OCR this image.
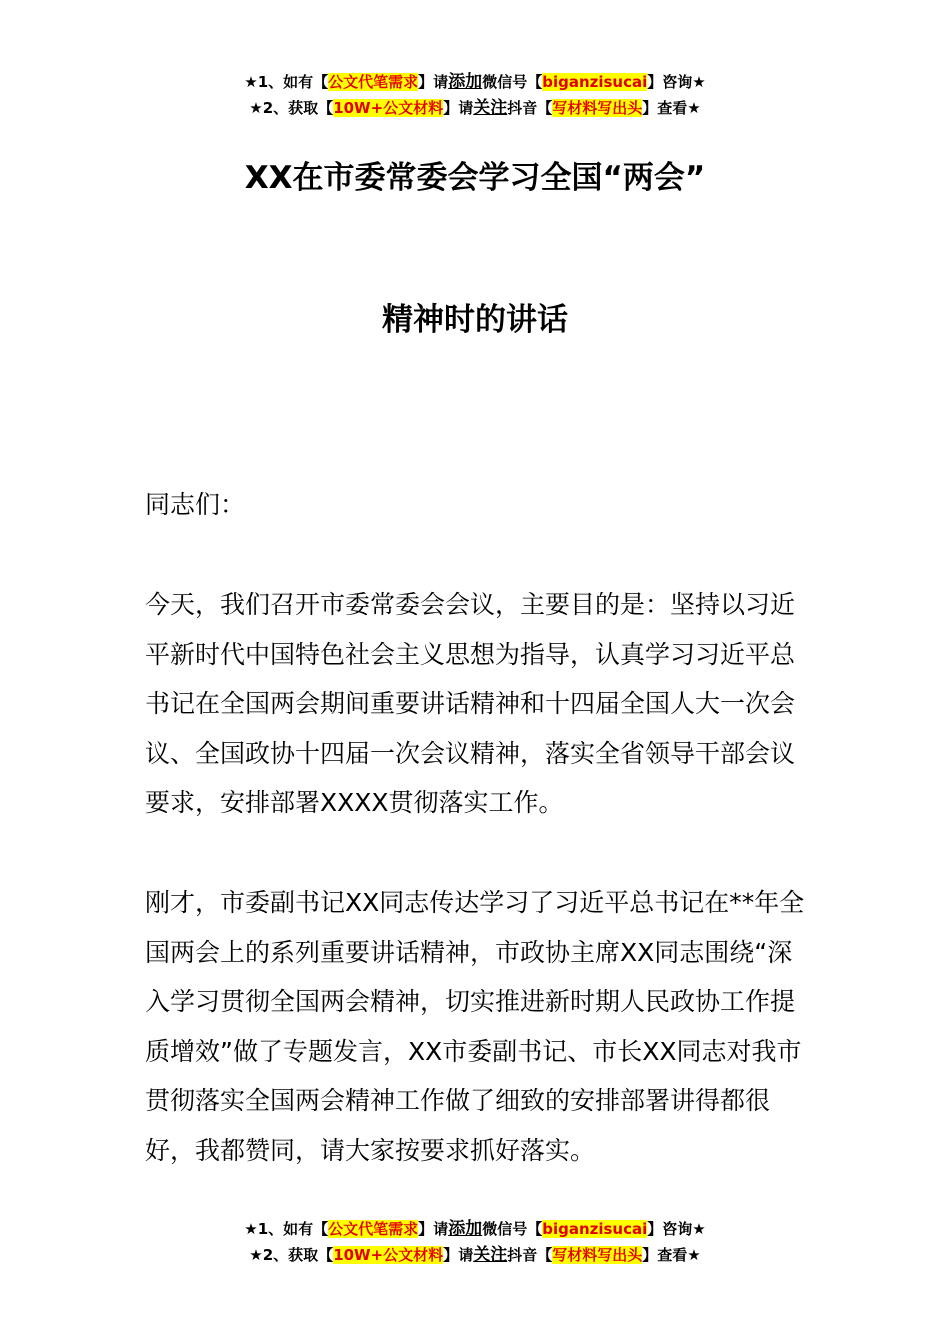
★1、如有【公文代笔需求】请添加微信号【biganzisucai】咨询★
★2、获取【10W+公文材料】请关注抖音【写材料写出头】查看★
XX在市委常委会学习全国“两会”
精神时的讲话

同志们：

今天，我们召开市委常委会会议，主要目的是：坚持以习近平新时代中国特色社会主义思想为指导，认真学习习近平总书记在全国两会期间重要讲话精神和十四届全国人大一次会议、全国政协十四届一次会议精神，落实全省领导干部会议要求，安排部署XXXX贯彻落实工作。

刚才，市委副书记XX同志传达学习了习近平总书记在**年全国两会上的系列重要讲话精神，市政协主席XX同志围绕“深入学习贯彻全国两会精神，切实推进新时期人民政协工作提质增效”做了专题发言，XX市委副书记、市长XX同志对我市贯彻落实全国两会精神工作做了细致的安排部署讲得都很好，我都赞同，请大家按要求抓好落实。

★1、如有【公文代笔需求】请添加微信号【biganzisucai】咨询★
★2、获取【10W+公文材料】请关注抖音【写材料写出头】查看★
